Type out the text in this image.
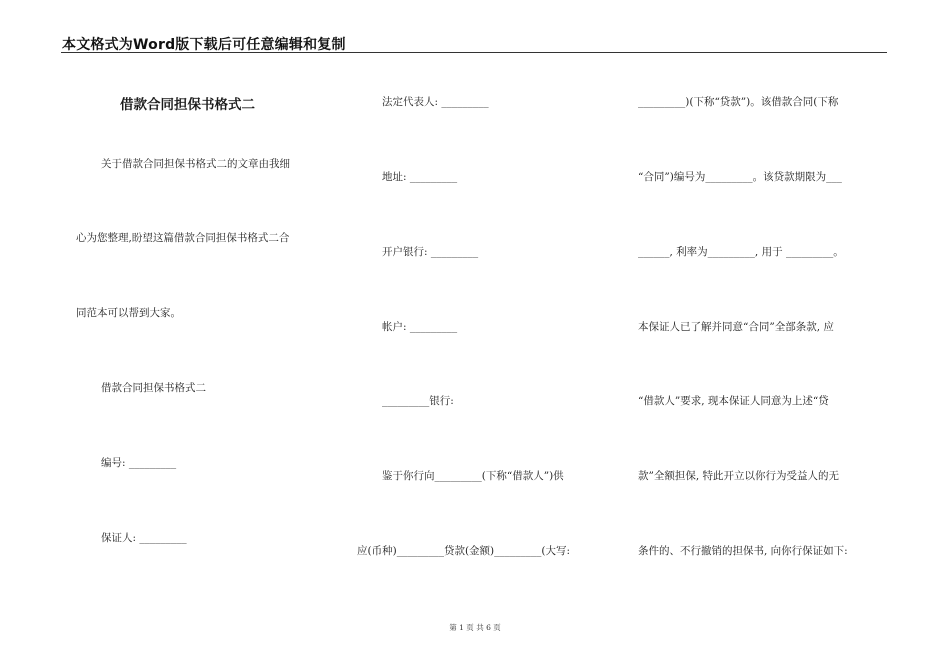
本文格式为Word版下载后可任意编辑和复制
借款合同担保书格式二
关于借款合同担保书格式二的文章由我细
心为您整理,盼望这篇借款合同担保书格式二合
同范本可以帮到大家。
借款合同担保书格式二
编号: _________
保证人: _________
法定代表人: _________
地址: _________
开户银行: _________
帐户: _________
_________银行:
鉴于你行向_________(下称“借款人”)供
应(币种)_________贷款(金额)_________(大写:
_________)(下称“贷款”)。该借款合同(下称
“合同”)编号为_________。该贷款期限为___
______, 利率为_________, 用于 _________。
本保证人已了解并同意“合同”全部条款, 应
“借款人”要求, 现本保证人同意为上述“贷
款”全额担保, 特此开立以你行为受益人的无
条件的、不行撤销的担保书, 向你行保证如下:
第 1 页 共 6 页
